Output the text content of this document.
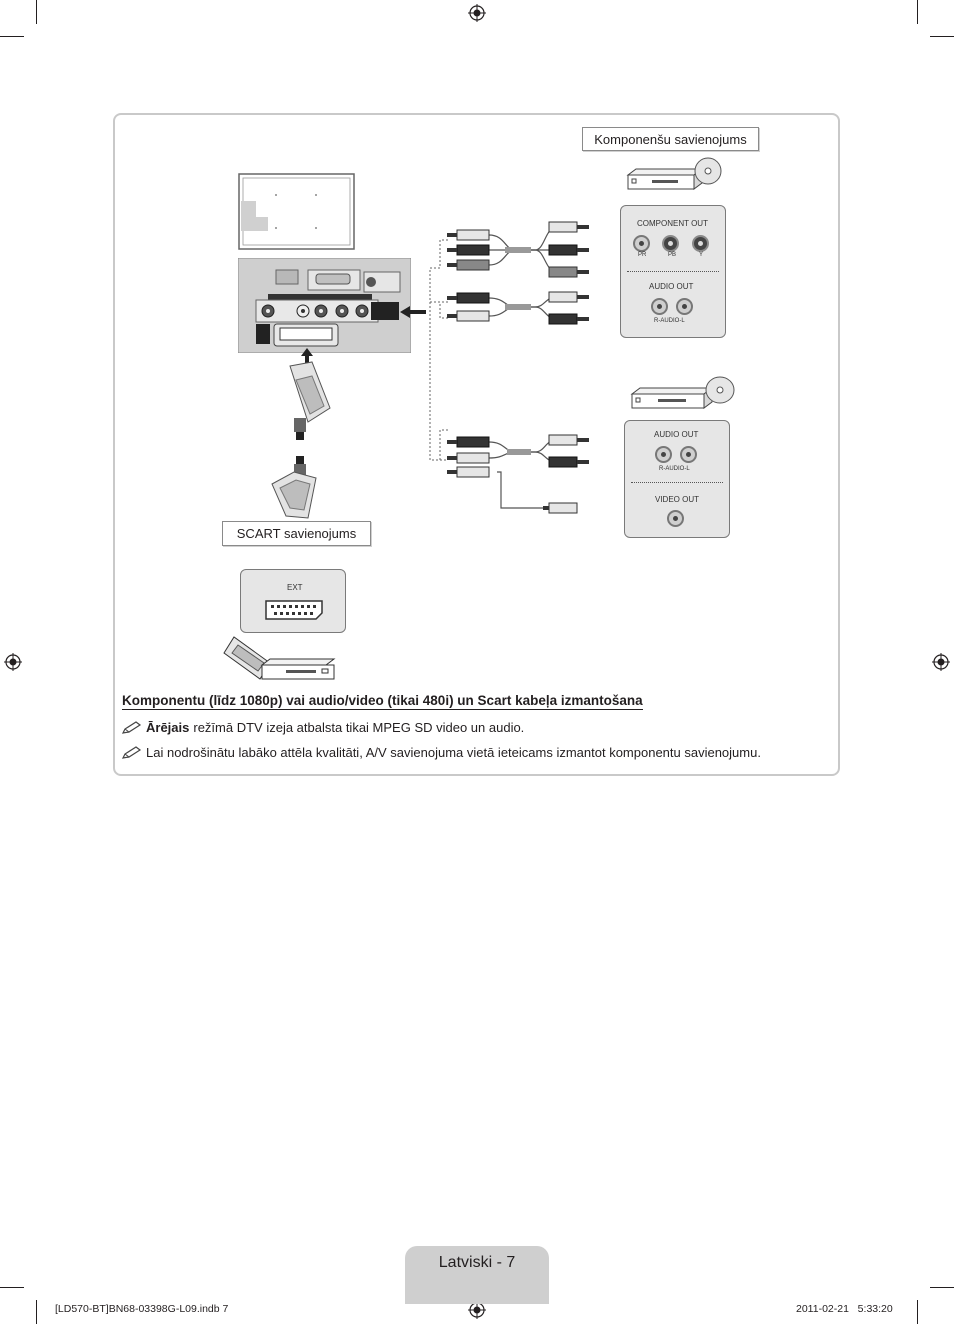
Komponenšu savienojums
COMPONENT OUT
PR	PB	Y
AUDIO OUT
R-AUDIO-L
AUDIO OUT
R-AUDIO-L
VIDEO OUT
SCART savienojums
EXT
Komponentu (līdz 1080p) vai audio/video (tikai 480i) un Scart kabeļa izmantošana
Ārējais režīmā DTV izeja atbalsta tikai MPEG SD video un audio.
Lai nodrošinātu labāko attēla kvalitāti, A/V savienojuma vietā ieteicams izmantot komponentu savienojumu.
Latviski - 7
[LD570-BT]BN68-03398G-L09.indb 7	2011-02-21   5:33:20
